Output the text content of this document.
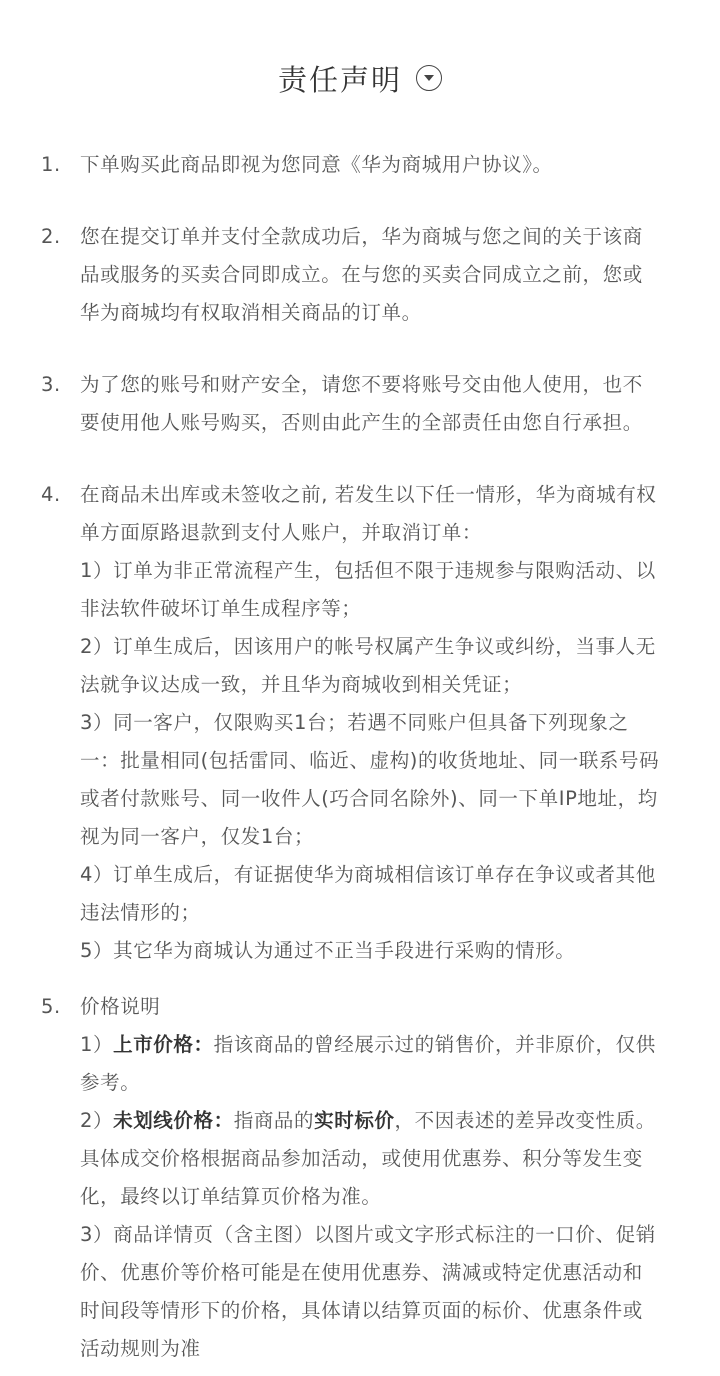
责任声明
1. 下单购买此商品即视为您同意《华为商城用户协议》。
2. 您在提交订单并支付全款成功后，华为商城与您之间的关于该商
品或服务的买卖合同即成立。在与您的买卖合同成立之前，您或
华为商城均有权取消相关商品的订单。
3. 为了您的账号和财产安全，请您不要将账号交由他人使用，也不
要使用他人账号购买，否则由此产生的全部责任由您自行承担。
4. 在商品未出库或未签收之前, 若发生以下任一情形，华为商城有权
单方面原路退款到支付人账户，并取消订单：
1）订单为非正常流程产生，包括但不限于违规参与限购活动、以
非法软件破坏订单生成程序等；
2）订单生成后，因该用户的帐号权属产生争议或纠纷，当事人无
法就争议达成一致，并且华为商城收到相关凭证；
3）同一客户，仅限购买1台；若遇不同账户但具备下列现象之
一：批量相同(包括雷同、临近、虚构)的收货地址、同一联系号码
或者付款账号、同一收件人(巧合同名除外)、同一下单IP地址，均
视为同一客户，仅发1台；
4）订单生成后，有证据使华为商城相信该订单存在争议或者其他
违法情形的；
5）其它华为商城认为通过不正当手段进行采购的情形。
5. 价格说明
1）上市价格：指该商品的曾经展示过的销售价，并非原价，仅供
参考。
2）未划线价格：指商品的实时标价，不因表述的差异改变性质。
具体成交价格根据商品参加活动，或使用优惠券、积分等发生变
化，最终以订单结算页价格为准。
3）商品详情页（含主图）以图片或文字形式标注的一口价、促销
价、优惠价等价格可能是在使用优惠券、满减或特定优惠活动和
时间段等情形下的价格，具体请以结算页面的标价、优惠条件或
活动规则为准
